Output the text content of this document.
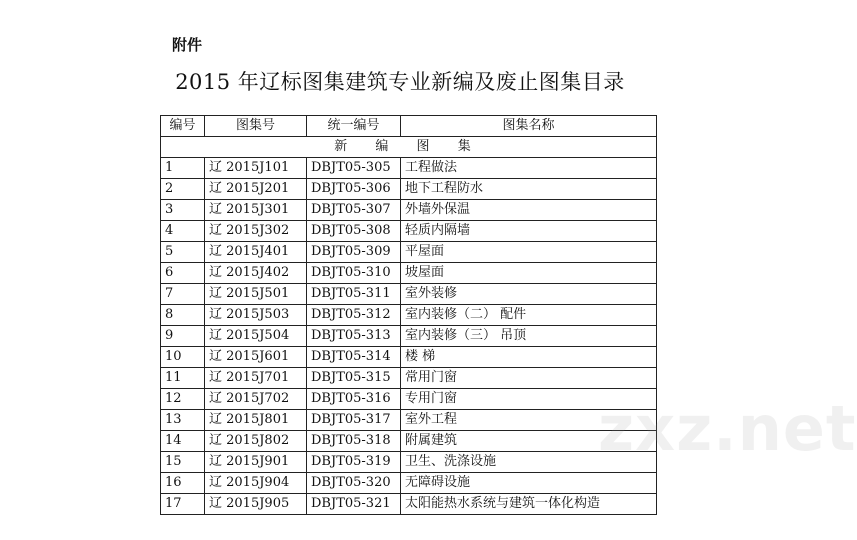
附件
2015 年辽标图集建筑专业新编及废止图集目录
编号	图集号	统一编号	图集名称
新 编 图 集			
1	辽 2015J101	DBJT05-305	工程做法
2	辽 2015J201	DBJT05-306	地下工程防水
3	辽 2015J301	DBJT05-307	外墙外保温
4	辽 2015J302	DBJT05-308	轻质内隔墙
5	辽 2015J401	DBJT05-309	平屋面
6	辽 2015J402	DBJT05-310	坡屋面
7	辽 2015J501	DBJT05-311	室外装修
8	辽 2015J503	DBJT05-312	室内装修（二） 配件
9	辽 2015J504	DBJT05-313	室内装修（三） 吊顶
10	辽 2015J601	DBJT05-314	楼 梯
11	辽 2015J701	DBJT05-315	常用门窗
12	辽 2015J702	DBJT05-316	专用门窗
13	辽 2015J801	DBJT05-317	室外工程
14	辽 2015J802	DBJT05-318	附属建筑
15	辽 2015J901	DBJT05-319	卫生、洗涤设施
16	辽 2015J904	DBJT05-320	无障碍设施
17	辽 2015J905	DBJT05-321	太阳能热水系统与建筑一体化构造
zxz.net
